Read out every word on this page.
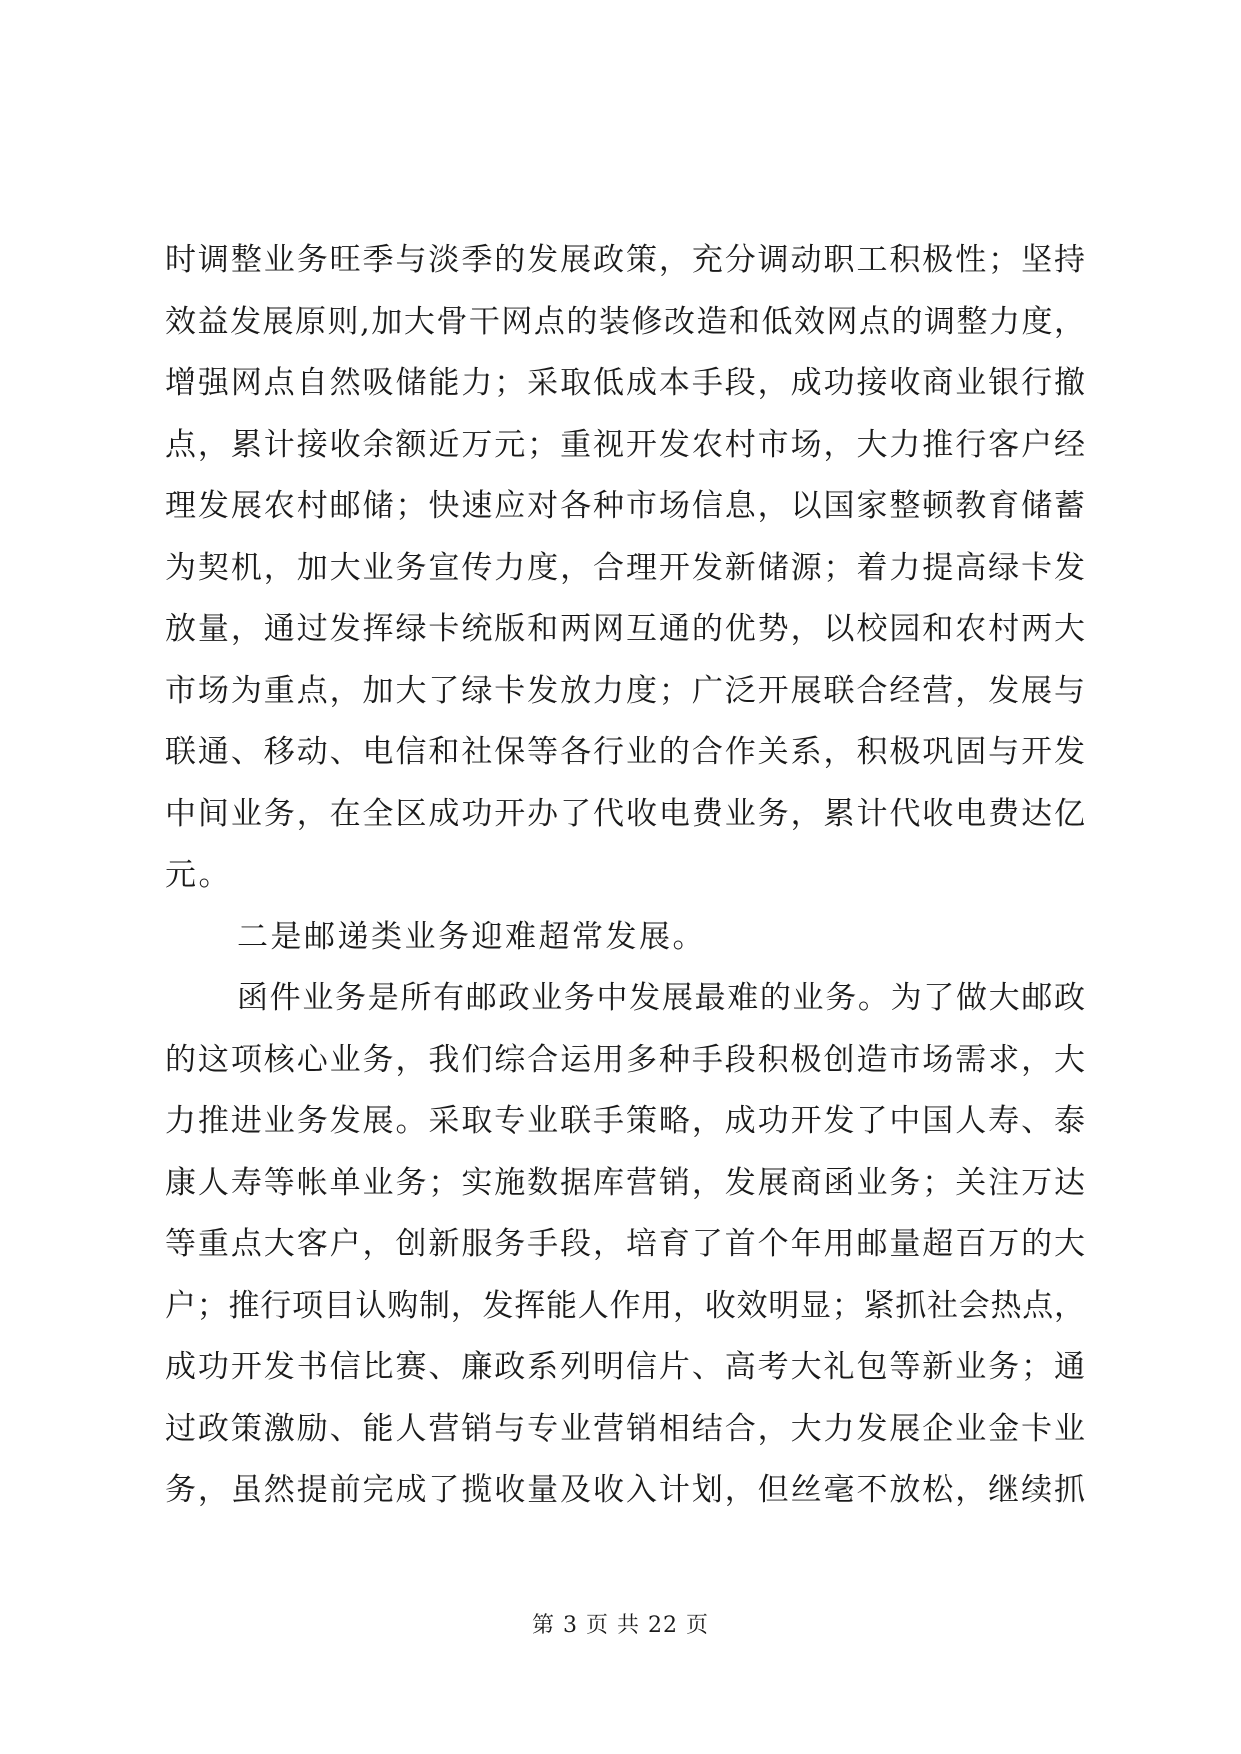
时调整业务旺季与淡季的发展政策，充分调动职工积极性；坚持
效益发展原则,加大骨干网点的装修改造和低效网点的调整力度，
增强网点自然吸储能力；采取低成本手段，成功接收商业银行撤
点，累计接收余额近万元；重视开发农村市场，大力推行客户经
理发展农村邮储；快速应对各种市场信息，以国家整顿教育储蓄
为契机，加大业务宣传力度，合理开发新储源；着力提高绿卡发
放量，通过发挥绿卡统版和两网互通的优势，以校园和农村两大
市场为重点，加大了绿卡发放力度；广泛开展联合经营，发展与
联通、移动、电信和社保等各行业的合作关系，积极巩固与开发
中间业务，在全区成功开办了代收电费业务，累计代收电费达亿
元。
二是邮递类业务迎难超常发展。
函件业务是所有邮政业务中发展最难的业务。为了做大邮政
的这项核心业务，我们综合运用多种手段积极创造市场需求，大
力推进业务发展。采取专业联手策略，成功开发了中国人寿、泰
康人寿等帐单业务；实施数据库营销，发展商函业务；关注万达
等重点大客户，创新服务手段，培育了首个年用邮量超百万的大
户；推行项目认购制，发挥能人作用，收效明显；紧抓社会热点，
成功开发书信比赛、廉政系列明信片、高考大礼包等新业务；通
过政策激励、能人营销与专业营销相结合，大力发展企业金卡业
务，虽然提前完成了揽收量及收入计划，但丝毫不放松，继续抓
第 3 页 共 22 页
